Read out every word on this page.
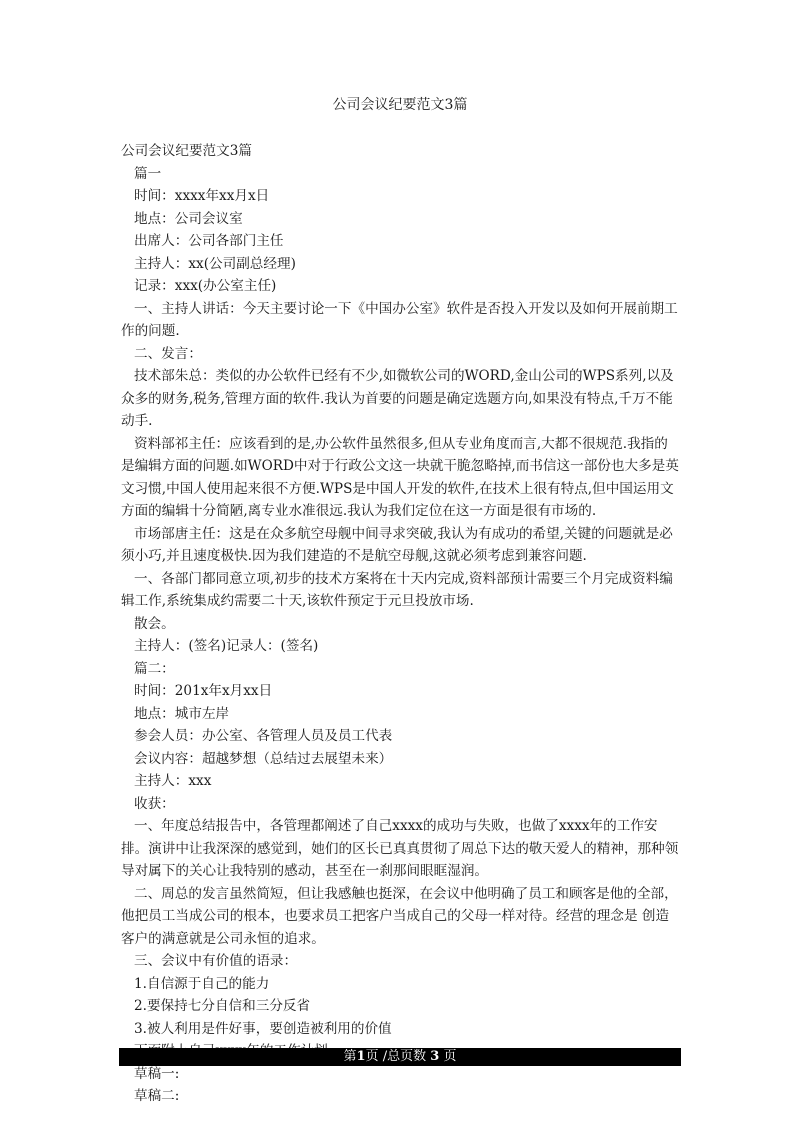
公司会议纪要范文3篇

公司会议纪要范文3篇

篇一

时间：xxxx年xx月x日

地点：公司会议室

出席人：公司各部门主任

主持人：xx(公司副总经理)

记录：xxx(办公室主任)

一、主持人讲话：今天主要讨论一下《中国办公室》软件是否投入开发以及如何开展前期工作的问题.

二、发言：

技术部朱总：类似的办公软件已经有不少,如微软公司的WORD,金山公司的WPS系列,以及众多的财务,税务,管理方面的软件.我认为首要的问题是确定选题方向,如果没有特点,千万不能动手.

资料部祁主任：应该看到的是,办公软件虽然很多,但从专业角度而言,大都不很规范.我指的是编辑方面的问题.如WORD中对于行政公文这一块就干脆忽略掉,而书信这一部份也大多是英文习惯,中国人使用起来很不方便.WPS是中国人开发的软件,在技术上很有特点,但中国运用文方面的编辑十分简陋,离专业水准很远.我认为我们定位在这一方面是很有市场的.

市场部唐主任：这是在众多航空母舰中间寻求突破,我认为有成功的希望,关键的问题就是必须小巧,并且速度极快.因为我们建造的不是航空母舰,这就必须考虑到兼容问题.

一、各部门都同意立项,初步的技术方案将在十天内完成,资料部预计需要三个月完成资料编辑工作,系统集成约需要二十天,该软件预定于元旦投放市场.

散会。

主持人：(签名)记录人：(签名)

篇二：

时间：201x年x月xx日

地点：城市左岸

参会人员：办公室、各管理人员及员工代表

会议内容：超越梦想（总结过去展望未来）

主持人：xxx

收获：

一、年度总结报告中，各管理都阐述了自己xxxx的成功与失败，也做了xxxx年的工作安排。演讲中让我深深的感觉到，她们的区长已真真贯彻了周总下达的敬天爱人的精神，那种领导对属下的关心让我特别的感动，甚至在一刹那间眼眶湿润。

二、周总的发言虽然简短，但让我感触也挺深，在会议中他明确了员工和顾客是他的全部，他把员工当成公司的根本，也要求员工把客户当成自己的父母一样对待。经营的理念是 创造客户的满意就是公司永恒的追求。

三、会议中有价值的语录：

1.自信源于自己的能力

2.要保持七分自信和三分反省

3.被人利用是件好事，要创造被利用的价值

草稿一:

草稿二:

第1页 /总页数 3 页
